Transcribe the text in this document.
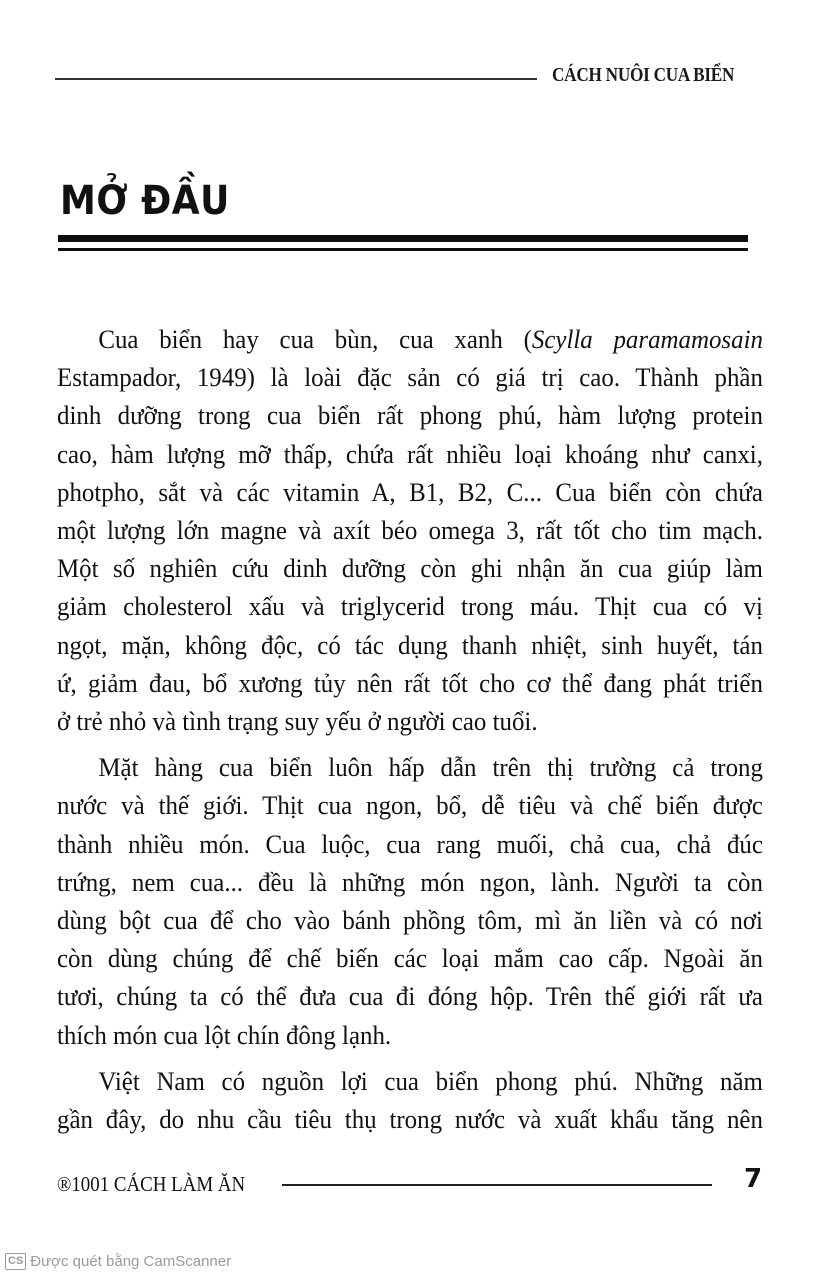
CÁCH NUÔI CUA BIỂN
MỞ ĐẦU
Cua biển hay cua bùn, cua xanh (Scylla paramamosain
Estampador, 1949) là loài đặc sản có giá trị cao. Thành phần
dinh dưỡng trong cua biển rất phong phú, hàm lượng protein
cao, hàm lượng mỡ thấp, chứa rất nhiều loại khoáng như canxi,
photpho, sắt và các vitamin A, B1, B2, C... Cua biển còn chứa
một lượng lớn magne và axít béo omega 3, rất tốt cho tim mạch.
Một số nghiên cứu dinh dưỡng còn ghi nhận ăn cua giúp làm
giảm cholesterol xấu và triglycerid trong máu. Thịt cua có vị
ngọt, mặn, không độc, có tác dụng thanh nhiệt, sinh huyết, tán
ứ, giảm đau, bổ xương tủy nên rất tốt cho cơ thể đang phát triển
ở trẻ nhỏ và tình trạng suy yếu ở người cao tuổi.
Mặt hàng cua biển luôn hấp dẫn trên thị trường cả trong
nước và thế giới. Thịt cua ngon, bổ, dễ tiêu và chế biến được
thành nhiều món. Cua luộc, cua rang muối, chả cua, chả đúc
trứng, nem cua... đều là những món ngon, lành. Người ta còn
dùng bột cua để cho vào bánh phồng tôm, mì ăn liền và có nơi
còn dùng chúng để chế biến các loại mắm cao cấp. Ngoài ăn
tươi, chúng ta có thể đưa cua đi đóng hộp. Trên thế giới rất ưa
thích món cua lột chín đông lạnh.
Việt Nam có nguồn lợi cua biển phong phú. Những năm
gần đây, do nhu cầu tiêu thụ trong nước và xuất khẩu tăng nên
®1001 CÁCH LÀM ĂN	7
CS Được quét bằng CamScanner
